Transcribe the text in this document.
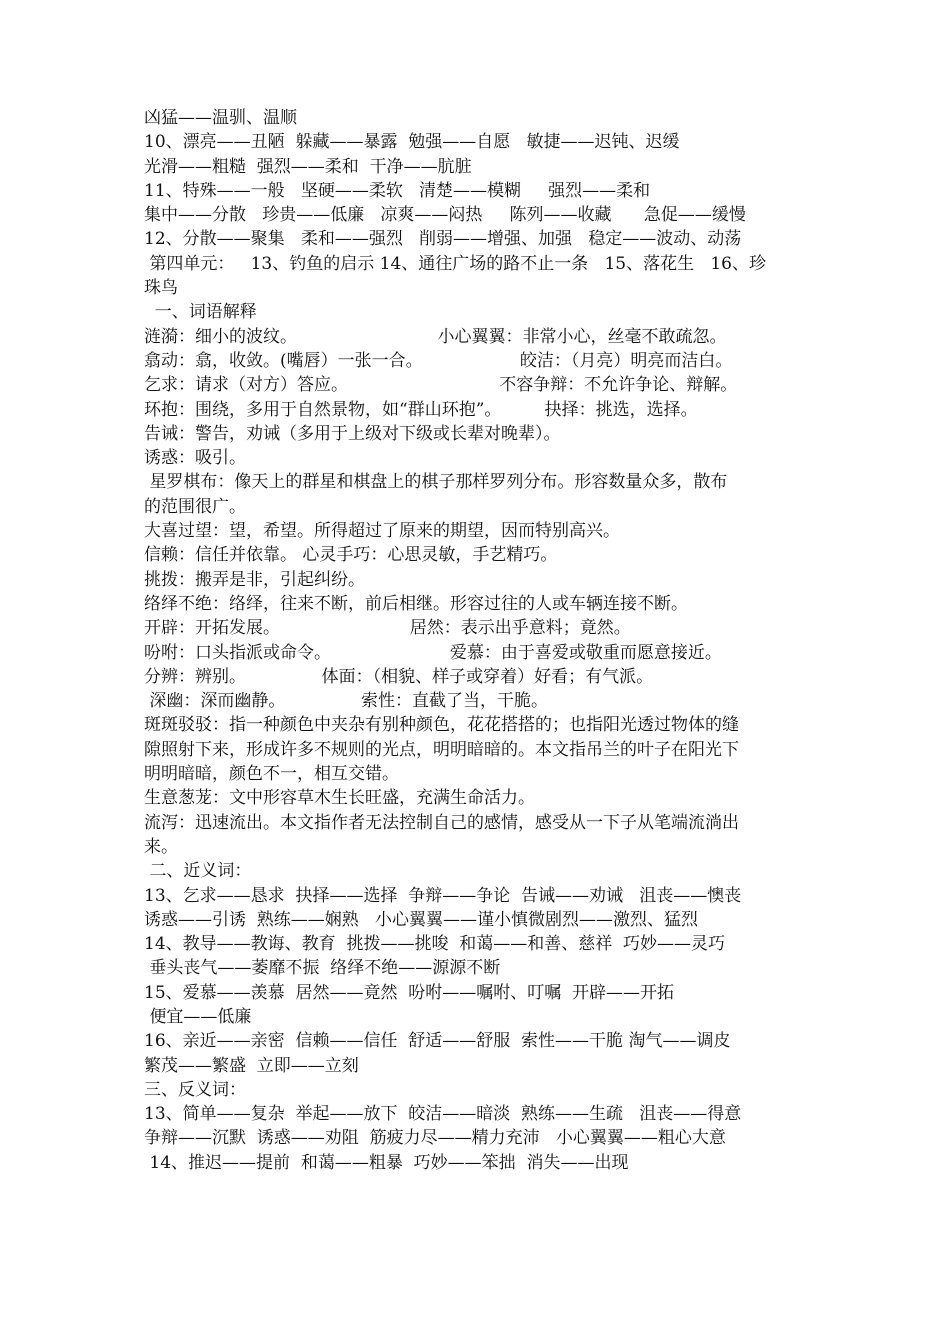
凶猛——温驯、温顺
10、漂亮——丑陋  躲藏——暴露  勉强——自愿   敏捷——迟钝、迟缓
光滑——粗糙  强烈——柔和  干净——肮脏
11、特殊——一般   坚硬——柔软   清楚——模糊     强烈——柔和
集中——分散   珍贵——低廉   凉爽——闷热     陈列——收藏      急促——缓慢
12、分散——聚集   柔和——强烈   削弱——增强、加强   稳定——波动、动荡
第四单元：   13、钓鱼的启示 14、通往广场的路不止一条   15、落花生   16、珍
珠鸟
一、词语解释
涟漪：细小的波纹。                          小心翼翼：非常小心，丝毫不敢疏忽。
翕动：翕，收敛。(嘴唇）一张一合。                  皎洁：（月亮）明亮而洁白。
乞求：请求（对方）答应。                            不容争辩：不允许争论、辩解。
环抱：围绕，多用于自然景物，如“群山环抱”。        抉择：挑选，选择。
告诫：警告，劝诫（多用于上级对下级或长辈对晚辈）。
诱惑：吸引。
星罗棋布：像天上的群星和棋盘上的棋子那样罗列分布。形容数量众多，散布
的范围很广。
大喜过望：望，希望。所得超过了原来的期望，因而特别高兴。
信赖：信任并依靠。 心灵手巧：心思灵敏，手艺精巧。
挑拨：搬弄是非，引起纠纷。
络绎不绝：络绎，往来不断，前后相继。形容过往的人或车辆连接不断。
开辟：开拓发展。                        居然：表示出乎意料；竟然。
吩咐：口头指派或命令。                      爱慕：由于喜爱或敬重而愿意接近。
分辨：辨别。              体面：（相貌、样子或穿着）好看；有气派。
深幽：深而幽静。              索性：直截了当，干脆。
斑斑驳驳：指一种颜色中夹杂有别种颜色，花花搭搭的；也指阳光透过物体的缝
隙照射下来，形成许多不规则的光点，明明暗暗的。本文指吊兰的叶子在阳光下
明明暗暗，颜色不一，相互交错。
生意葱茏：文中形容草木生长旺盛，充满生命活力。
流泻：迅速流出。本文指作者无法控制自己的感情，感受从一下子从笔端流淌出
来。
二、近义词：
13、乞求——恳求  抉择——选择  争辩——争论  告诫——劝诫   沮丧——懊丧
诱惑——引诱  熟练——娴熟   小心翼翼——谨小慎微剧烈——激烈、猛烈
14、教导——教诲、教育  挑拨——挑唆  和蔼——和善、慈祥  巧妙——灵巧
垂头丧气——萎靡不振  络绎不绝——源源不断
15、爱慕——羡慕  居然——竟然  吩咐——嘱咐、叮嘱  开辟——开拓
便宜——低廉
16、亲近——亲密  信赖——信任  舒适——舒服  索性——干脆 淘气——调皮
繁茂——繁盛  立即——立刻
三、反义词：
13、简单——复杂  举起——放下  皎洁——暗淡  熟练——生疏   沮丧——得意
争辩——沉默  诱惑——劝阻  筋疲力尽——精力充沛   小心翼翼——粗心大意
14、推迟——提前  和蔼——粗暴  巧妙——笨拙  消失——出现
